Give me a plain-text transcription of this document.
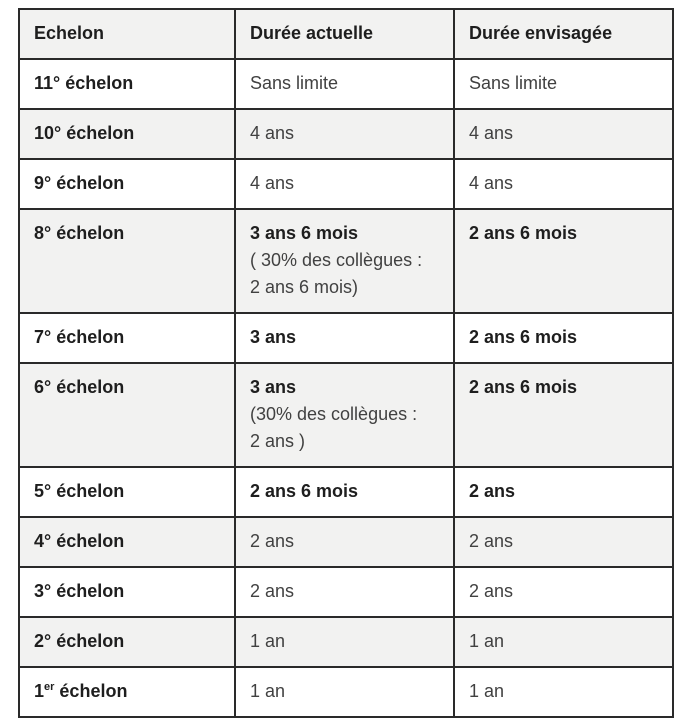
Echelon	Durée actuelle	Durée envisagée
11° échelon	Sans limite	Sans limite
10° échelon	4 ans	4 ans
9° échelon	4 ans	4 ans
8° échelon	3 ans 6 mois
( 30% des collègues :
2 ans 6 mois)	2 ans 6 mois
7° échelon	3 ans	2 ans 6 mois
6° échelon	3 ans
(30% des collègues :
2 ans )	2 ans 6 mois
5° échelon	2 ans 6 mois	2 ans
4° échelon	2 ans	2 ans
3° échelon	2 ans	2 ans
2° échelon	1 an	1 an
1er échelon	1 an	1 an
